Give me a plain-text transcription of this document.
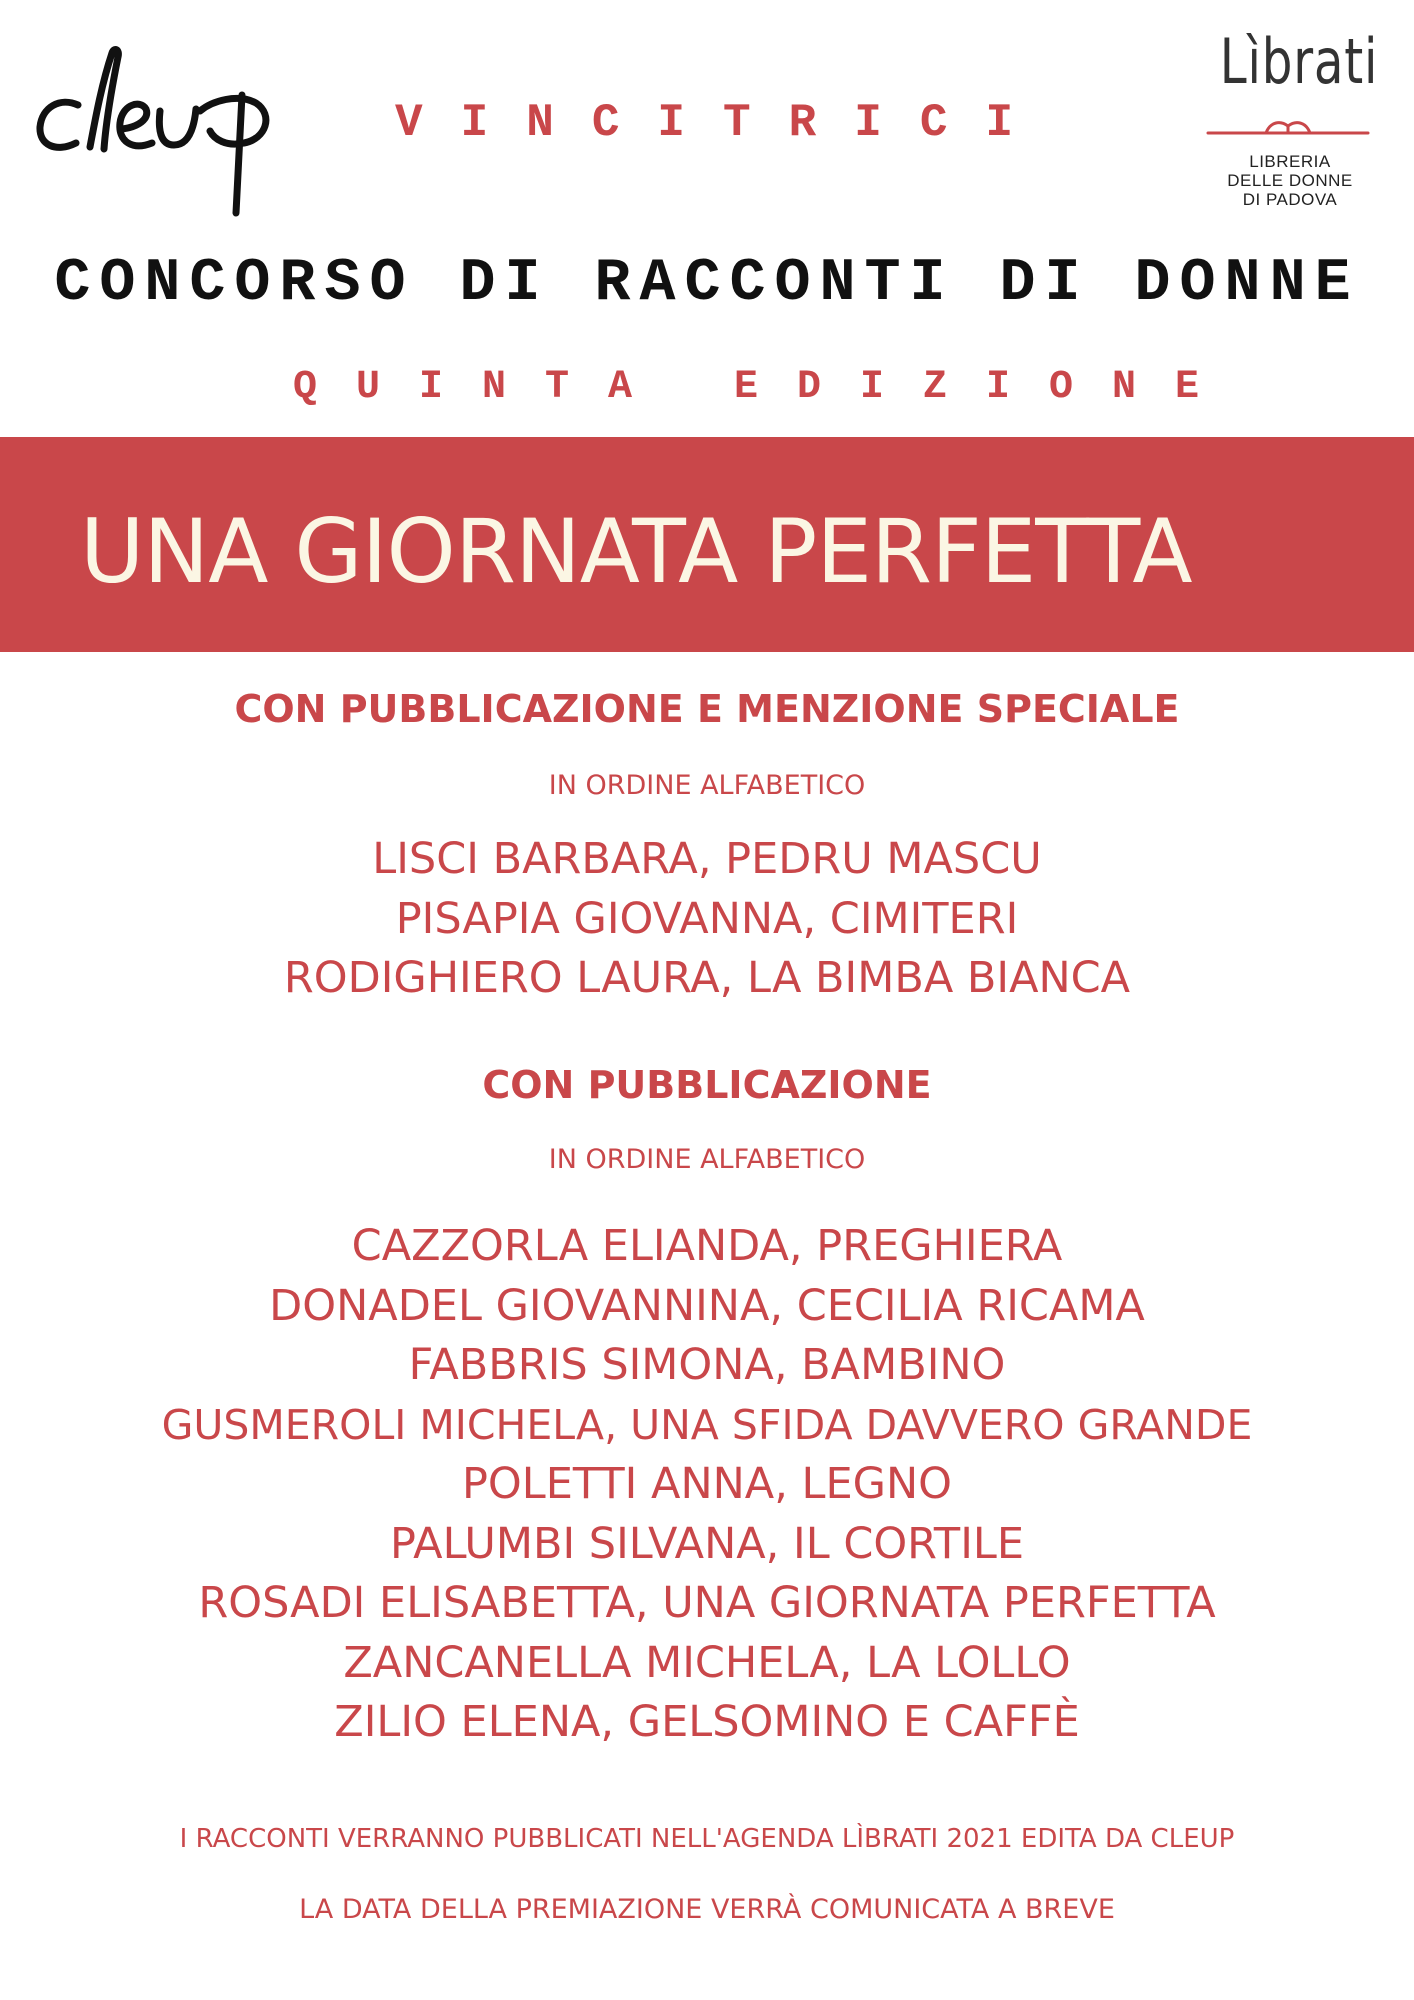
Lìbrati
LIBRERIA
DELLE DONNE
DI PADOVA
VINCITRICI
CONCORSO DI RACCONTI DI DONNE
QUINTA EDIZIONE
UNA GIORNATA PERFETTA
CON PUBBLICAZIONE E MENZIONE SPECIALE
IN ORDINE ALFABETICO
LISCI BARBARA, PEDRU MASCU
PISAPIA GIOVANNA, CIMITERI
RODIGHIERO LAURA, LA BIMBA BIANCA
CON PUBBLICAZIONE
IN ORDINE ALFABETICO
CAZZORLA ELIANDA, PREGHIERA
DONADEL GIOVANNINA, CECILIA RICAMA
FABBRIS SIMONA, BAMBINO
GUSMEROLI MICHELA, UNA SFIDA DAVVERO GRANDE
POLETTI ANNA, LEGNO
PALUMBI SILVANA, IL CORTILE
ROSADI ELISABETTA, UNA GIORNATA PERFETTA
ZANCANELLA MICHELA, LA LOLLO
ZILIO ELENA, GELSOMINO E CAFFÈ
I RACCONTI VERRANNO PUBBLICATI NELL'AGENDA LÌBRATI 2021 EDITA DA CLEUP
LA DATA DELLA PREMIAZIONE VERRÀ COMUNICATA A BREVE
